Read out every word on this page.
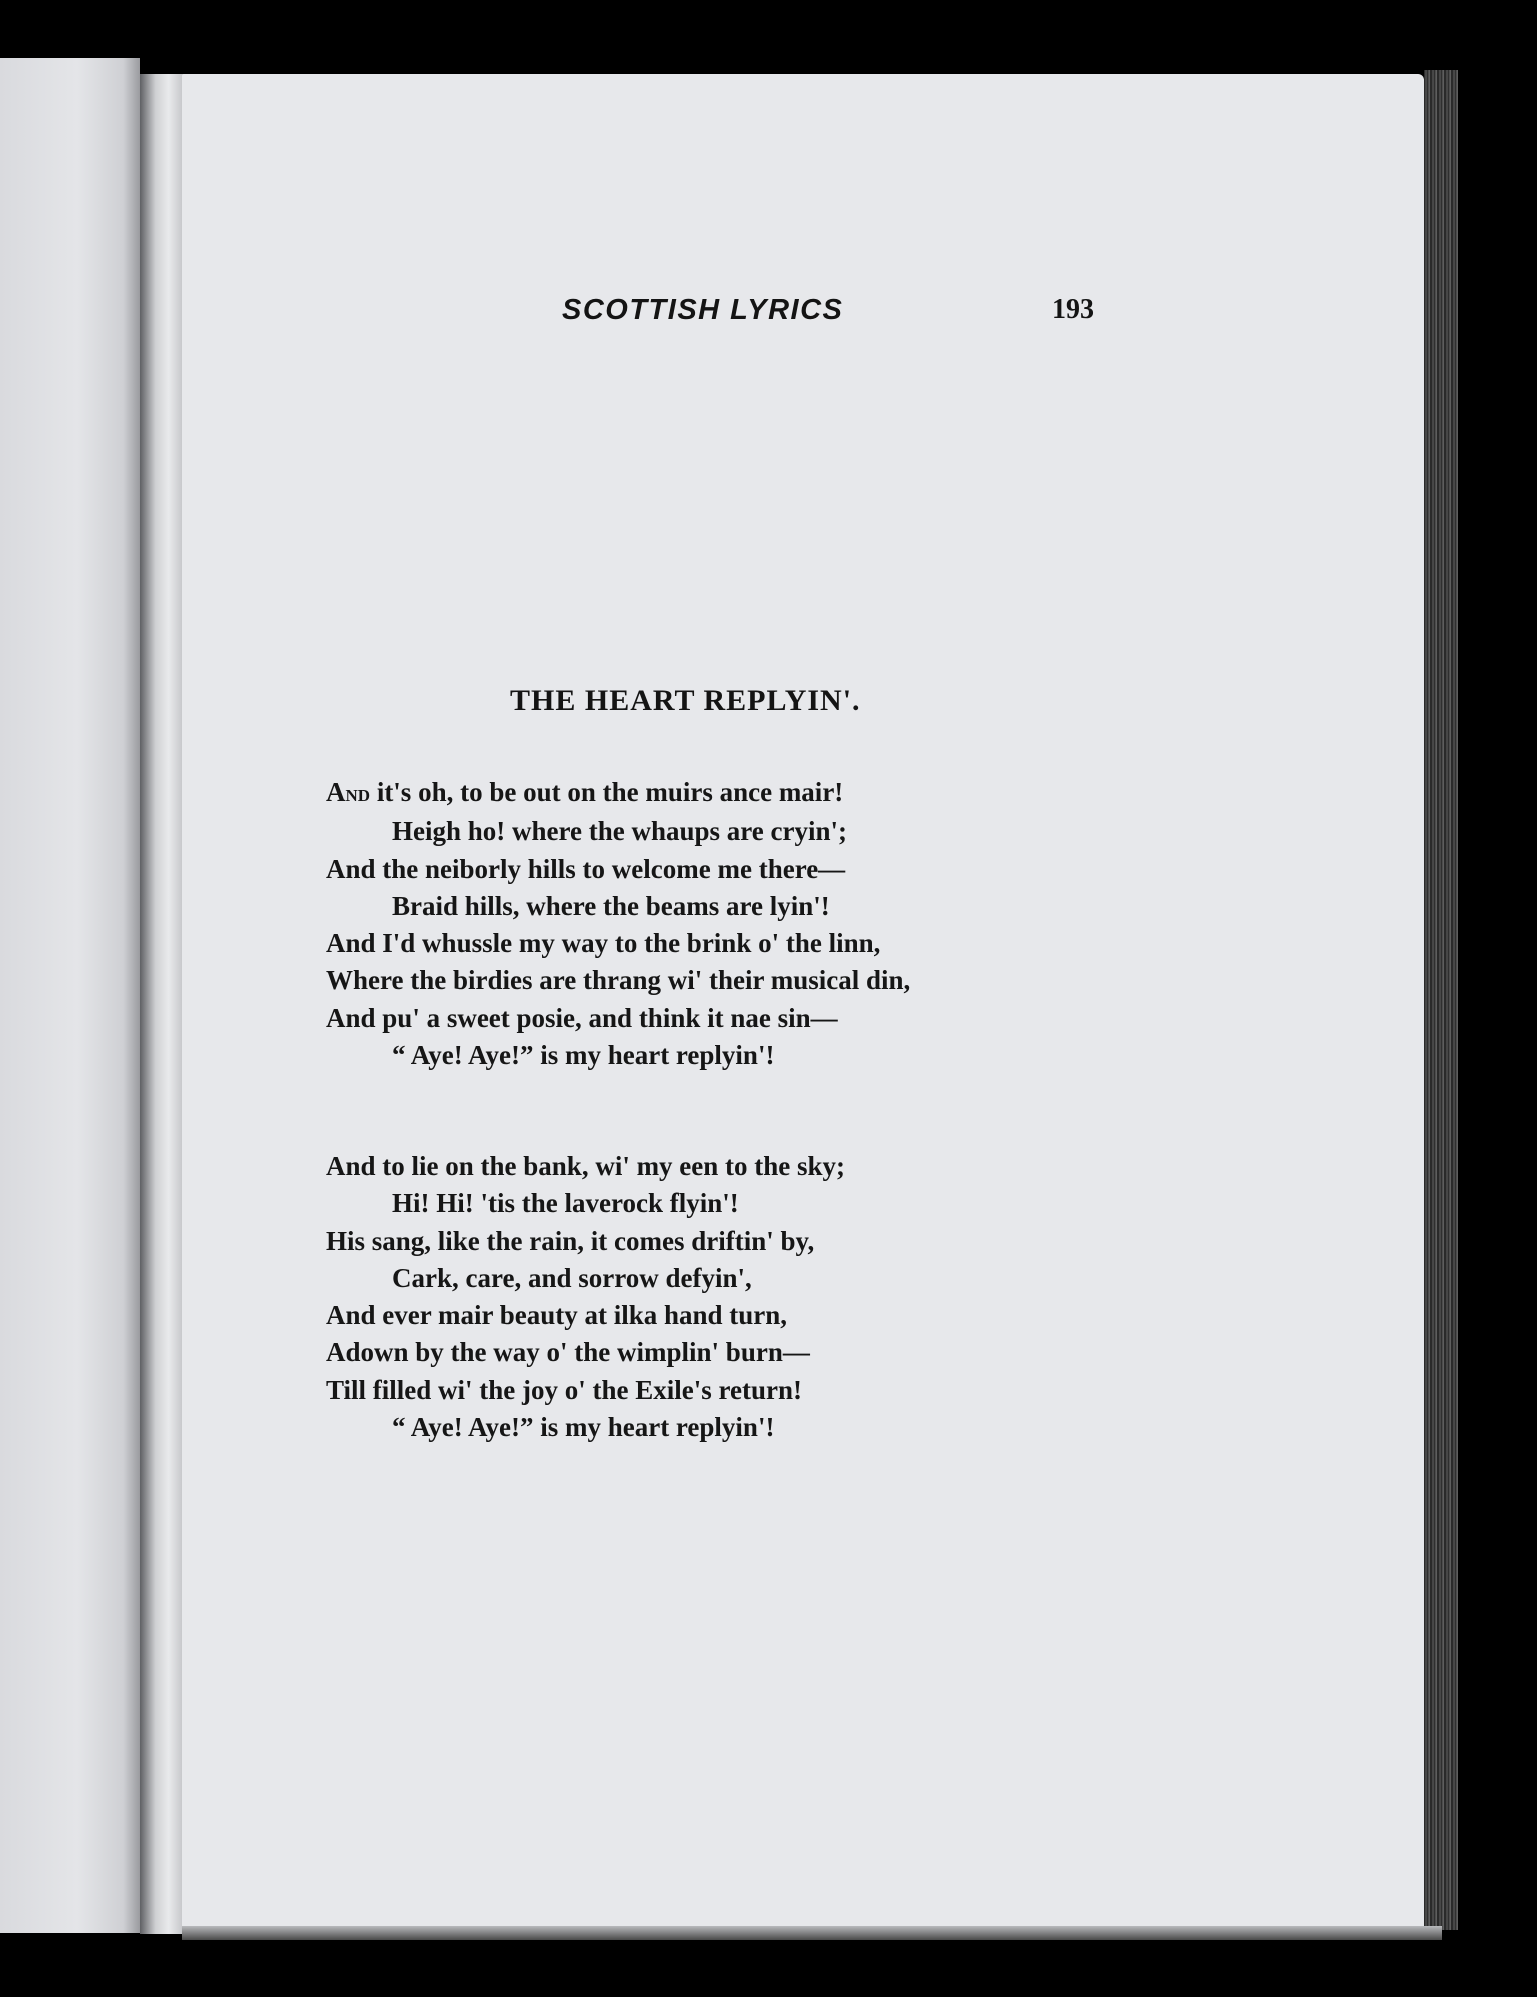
SCOTTISH LYRICS	193

THE HEART REPLYIN'.
And it's oh, to be out on the muirs ance mair!
Heigh ho! where the whaups are cryin';
And the neiborly hills to welcome me there—
Braid hills, where the beams are lyin'!
And I'd whussle my way to the brink o' the linn,
Where the birdies are thrang wi' their musical din,
And pu' a sweet posie, and think it nae sin—
“ Aye! Aye!” is my heart replyin'!
And to lie on the bank, wi' my een to the sky;
Hi! Hi! 'tis the laverock flyin'!
His sang, like the rain, it comes driftin' by,
Cark, care, and sorrow defyin',
And ever mair beauty at ilka hand turn,
Adown by the way o' the wimplin' burn—
Till filled wi' the joy o' the Exile's return!
“ Aye! Aye!” is my heart replyin'!
